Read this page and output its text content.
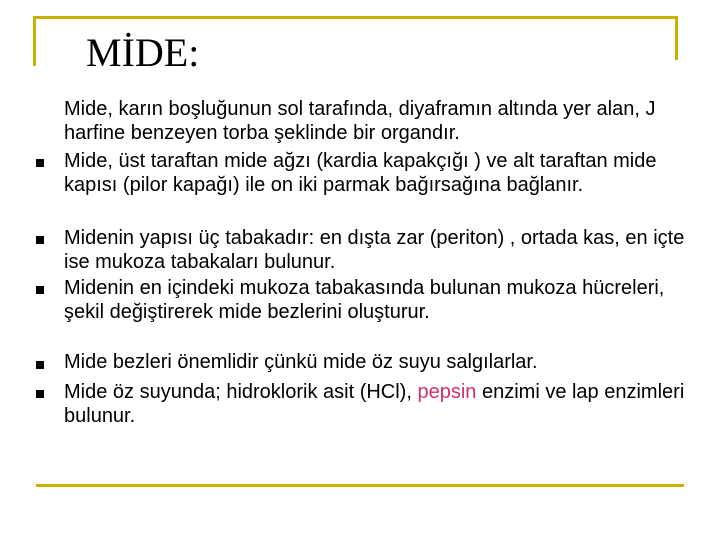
MİDE:

Mide, karın boşluğunun sol tarafında, diyaframın altında yer alan, J harfine benzeyen torba şeklinde bir organdır.

Mide, üst taraftan mide ağzı (kardia kapakçığı ) ve alt taraftan mide kapısı (pilor kapağı) ile on iki parmak bağırsağına bağlanır.
Midenin yapısı üç tabakadır: en dışta zar (periton) , ortada kas, en içte ise mukoza tabakaları bulunur.
Midenin en içindeki mukoza tabakasında bulunan mukoza hücreleri, şekil değiştirerek mide bezlerini oluşturur.
Mide bezleri önemlidir çünkü mide öz suyu salgılarlar.
Mide öz suyunda; hidroklorik asit (HCl), pepsin enzimi ve lap enzimleri bulunur.
